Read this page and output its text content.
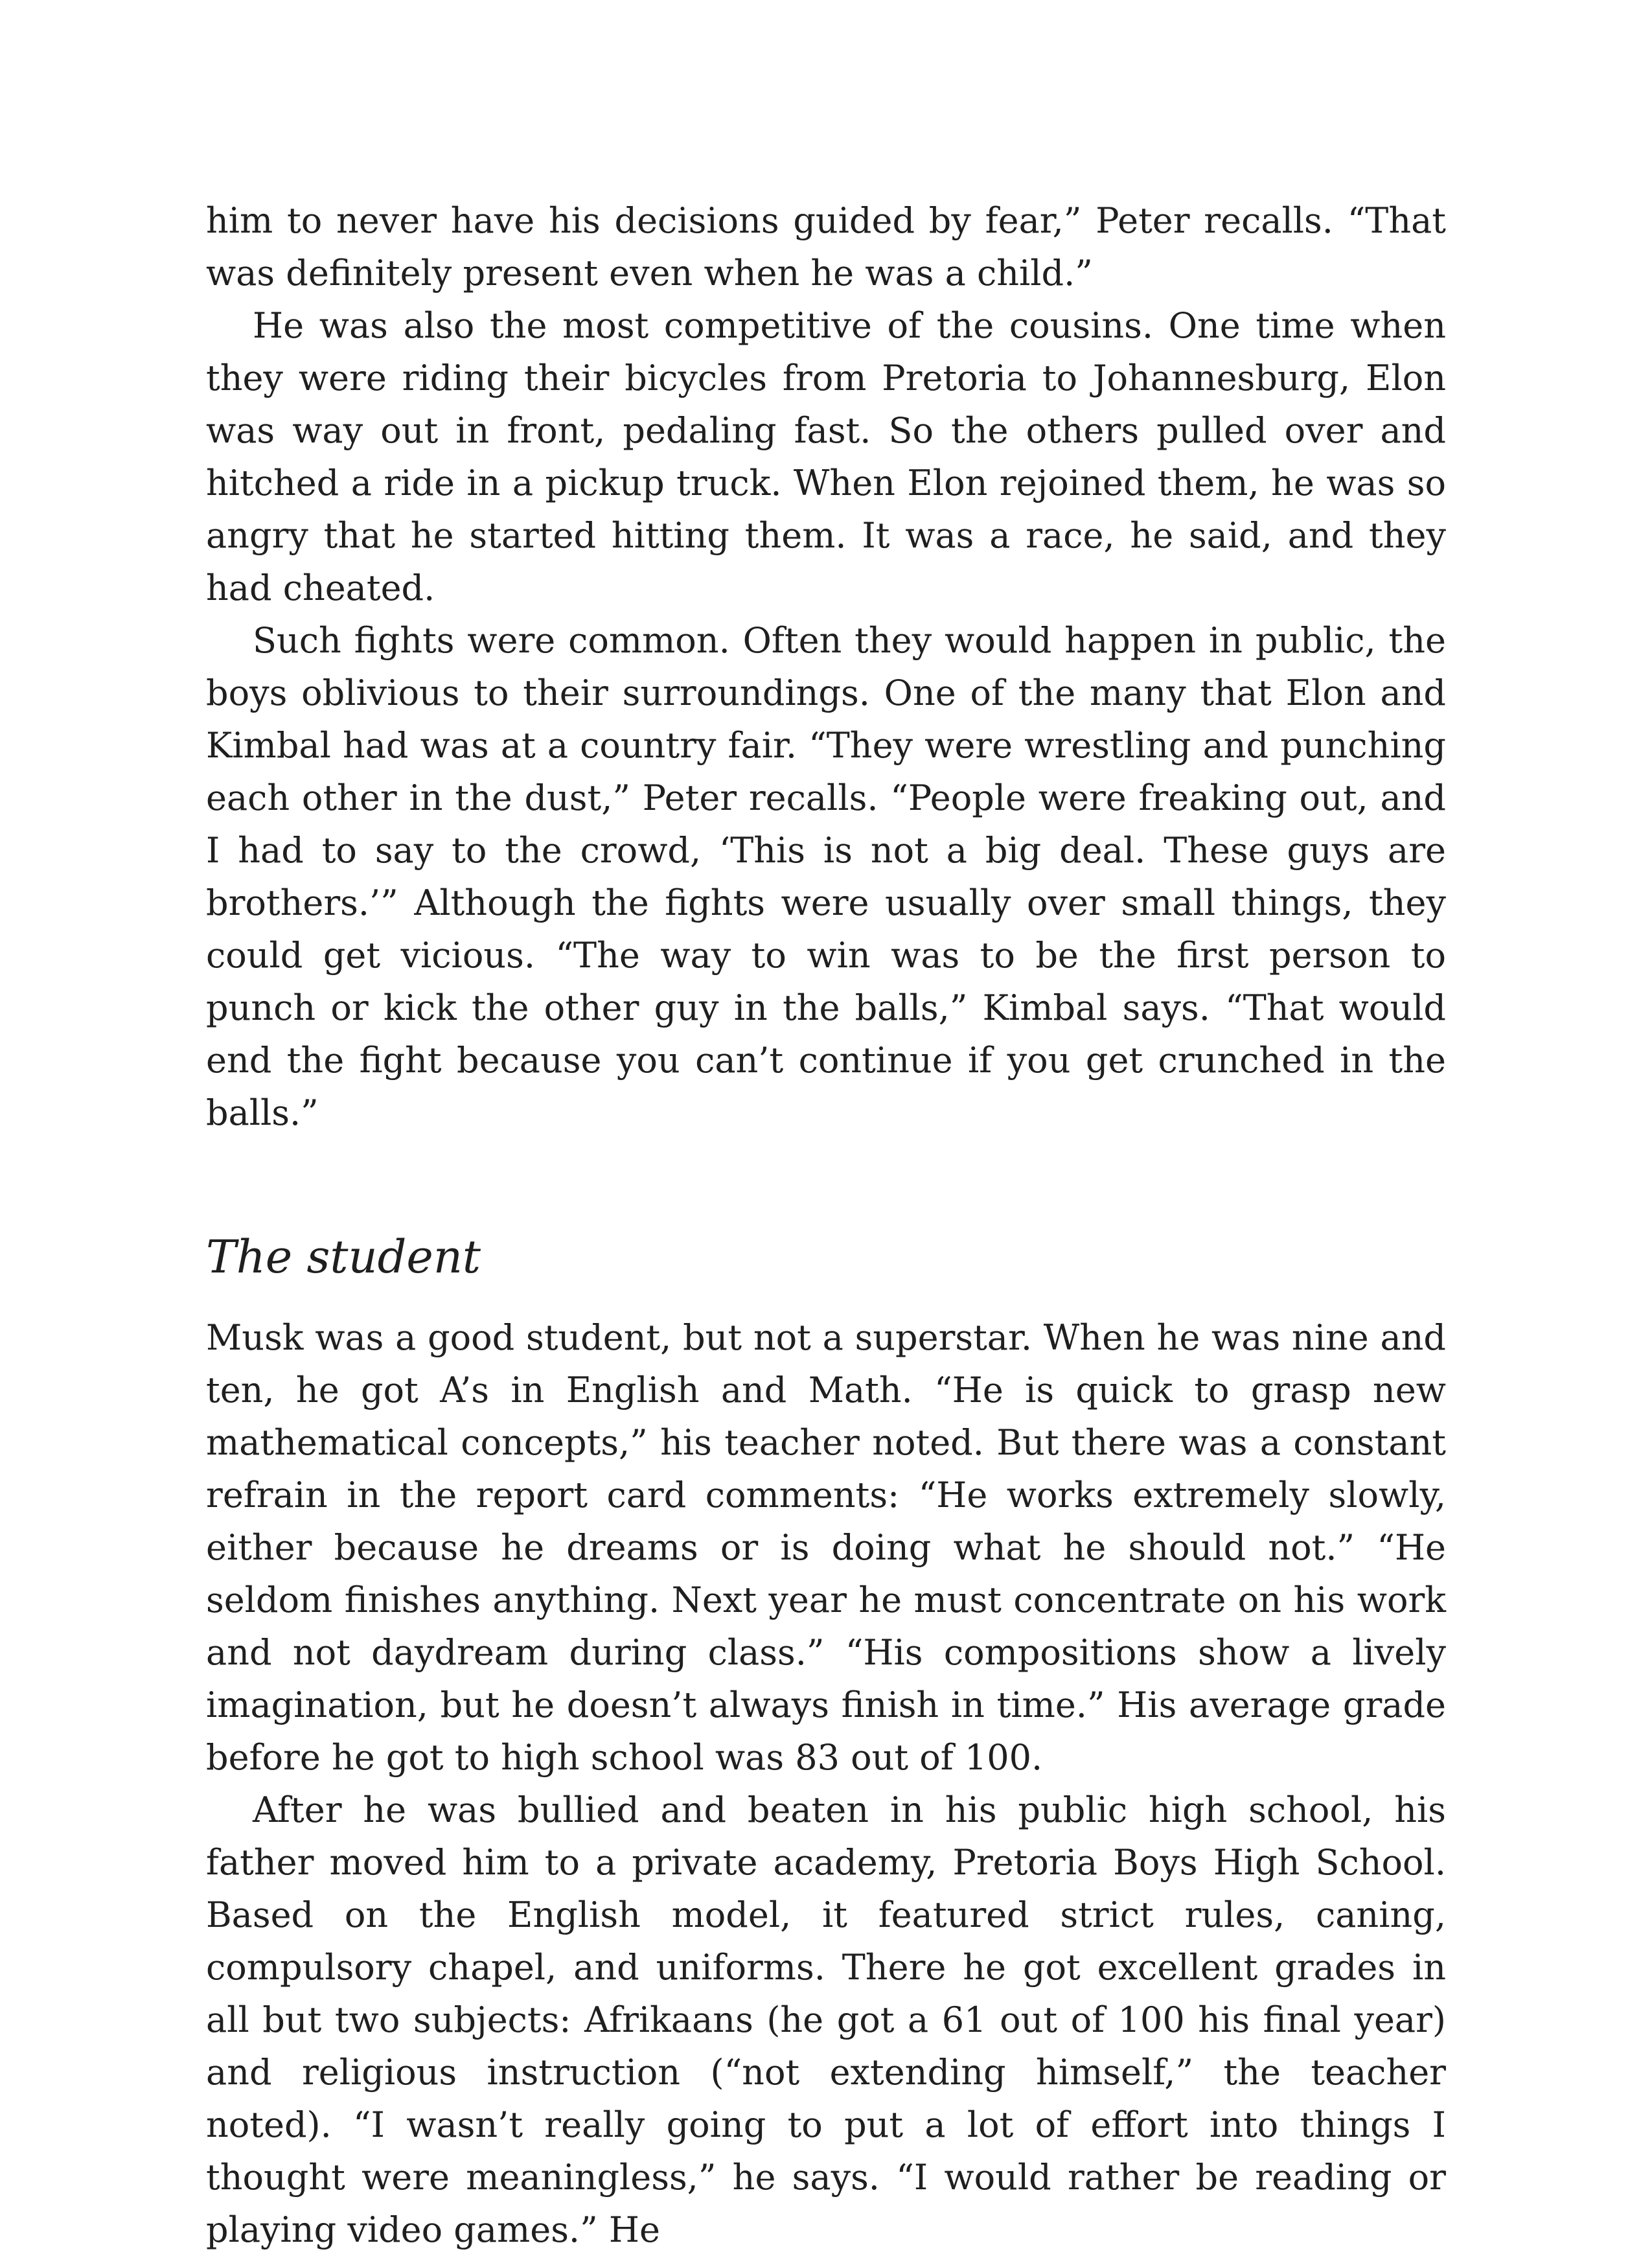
him to never have his decisions guided by fear,” Peter recalls. “That was definitely present even when he was a child.”

He was also the most competitive of the cousins. One time when they were riding their bicycles from Pretoria to Johannesburg, Elon was way out in front, pedaling fast. So the others pulled over and hitched a ride in a pickup truck. When Elon rejoined them, he was so angry that he started hitting them. It was a race, he said, and they had cheated.

Such fights were common. Often they would happen in public, the boys oblivious to their surroundings. One of the many that Elon and Kimbal had was at a country fair. “They were wrestling and punching each other in the dust,” Peter recalls. “People were freaking out, and I had to say to the crowd, ‘This is not a big deal. These guys are brothers.’” Although the fights were usually over small things, they could get vicious. “The way to win was to be the first person to punch or kick the other guy in the balls,” Kimbal says. “That would end the fight because you can’t continue if you get crunched in the balls.”

The student

Musk was a good student, but not a superstar. When he was nine and ten, he got A’s in English and Math. “He is quick to grasp new mathematical concepts,” his teacher noted. But there was a constant refrain in the report card comments: “He works extremely slowly, either because he dreams or is doing what he should not.” “He seldom finishes anything. Next year he must concentrate on his work and not daydream during class.” “His compositions show a lively imagination, but he doesn’t always finish in time.” His average grade before he got to high school was 83 out of 100.

After he was bullied and beaten in his public high school, his father moved him to a private academy, Pretoria Boys High School. Based on the English model, it featured strict rules, caning, compulsory chapel, and uniforms. There he got excellent grades in all but two subjects: Afrikaans (he got a 61 out of 100 his final year) and religious instruction (“not extending himself,” the teacher noted). “I wasn’t really going to put a lot of effort into things I thought were meaningless,” he says. “I would rather be reading or playing video games.” He
